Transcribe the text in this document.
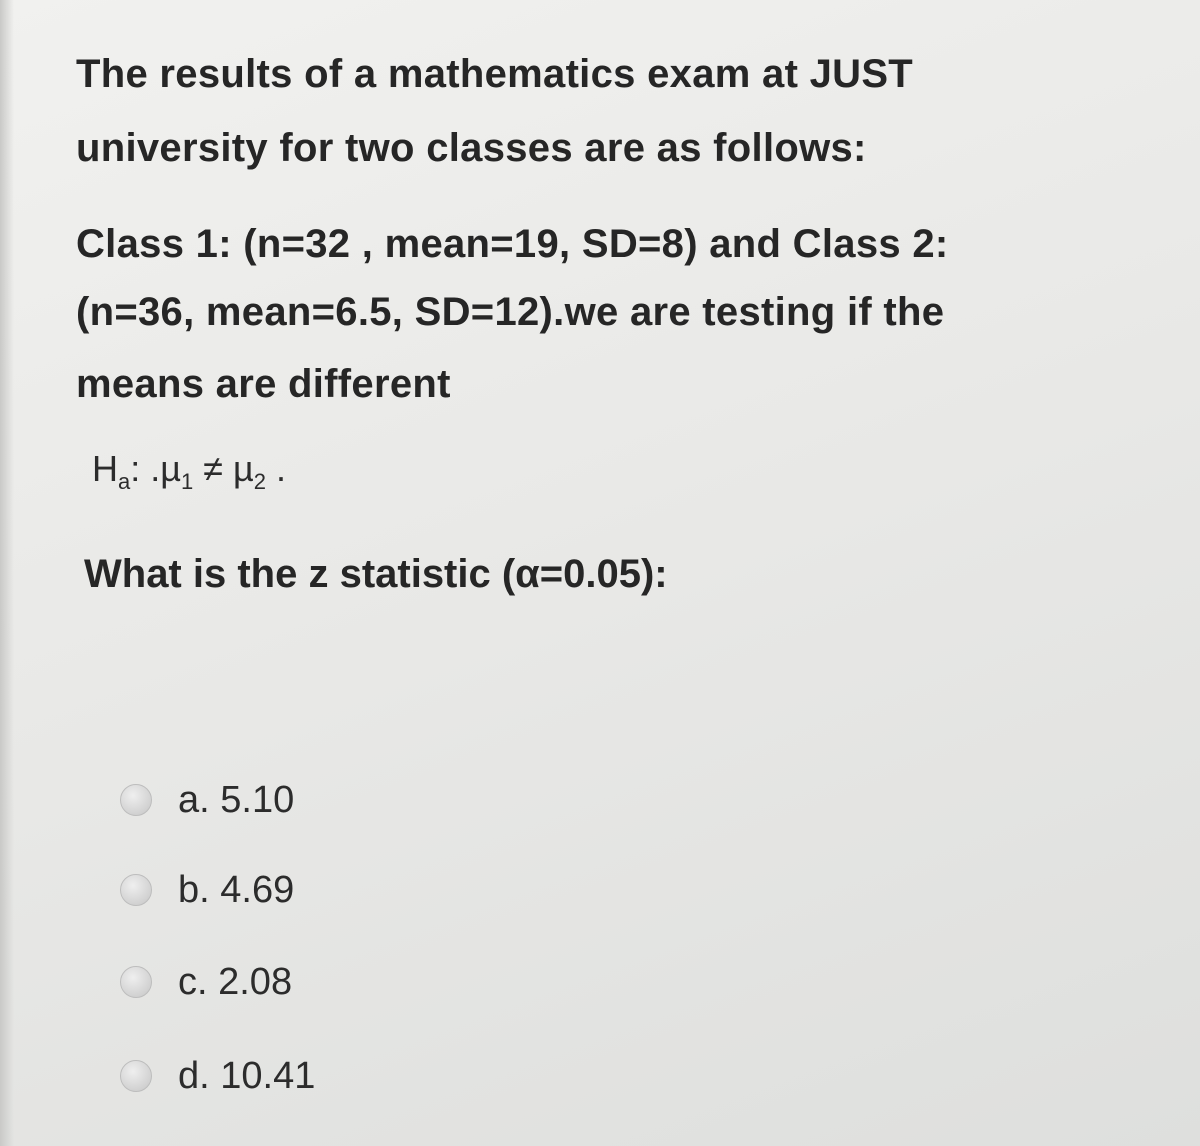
The results of a mathematics exam at JUST
university for two classes are as follows:
Class 1: (n=32 , mean=19, SD=8) and Class 2:
(n=36, mean=6.5, SD=12).we are testing if the
means are different
$H_a$: .µ$_1$ ≠ µ$_2$ .
What is the z statistic (α=0.05):
a. 5.10
b. 4.69
c. 2.08
d. 10.41
